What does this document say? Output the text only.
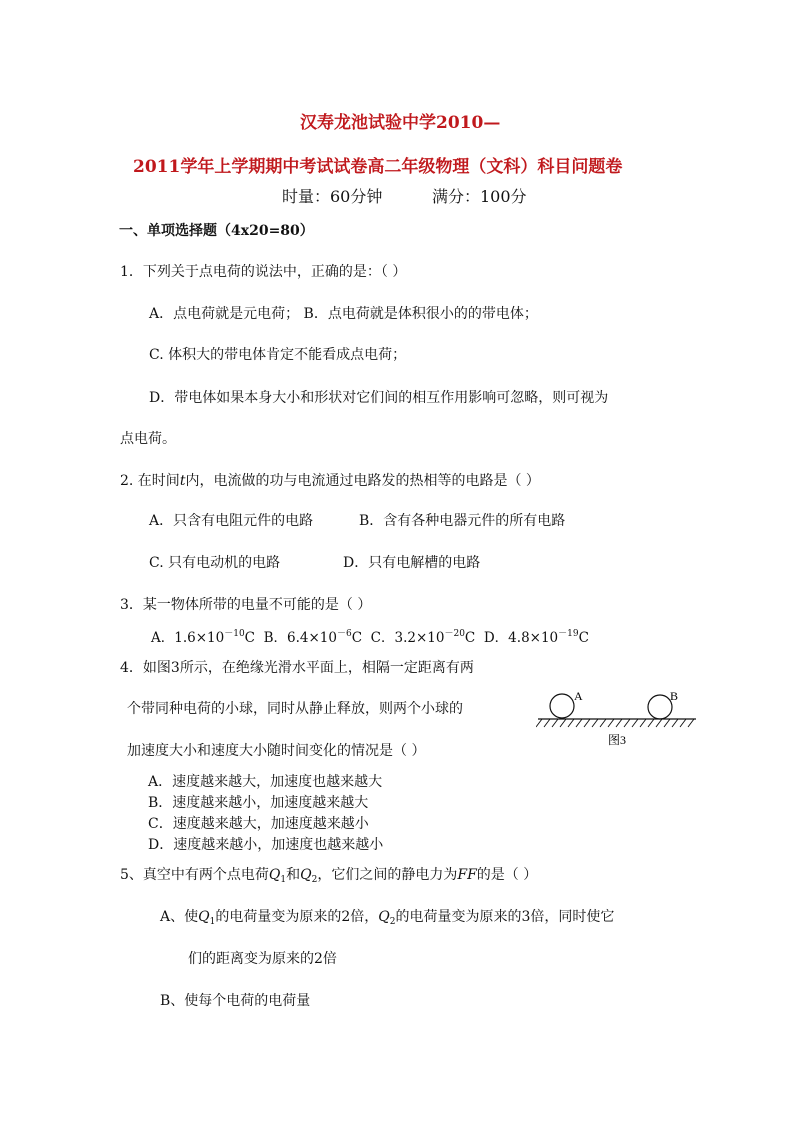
汉寿龙池试验中学2010—
2011学年上学期期中考试试卷高二年级物理（文科）科目问题卷
时量：60分钟	满分：100分
一、单项选择题（4x20=80）
1．下列关于点电荷的说法中，正确的是：（ ）
A．点电荷就是元电荷； B．点电荷就是体积很小的的带电体；
C. 体积大的带电体肯定不能看成点电荷；
D．带电体如果本身大小和形状对它们间的相互作用影响可忽略，则可视为
点电荷。
2. 在时间t内，电流做的功与电流通过电路发的热相等的电路是（ ）
A．只含有电阻元件的电路	B．含有各种电器元件的所有电路
C. 只有电动机的电路	D．只有电解槽的电路
3．某一物体所带的电量不可能的是（ ）
A．$1.6\times 10^{-10}C$ B．$6.4\times 10^{-6}C$ C．$3.2\times 10^{-20}C$ D．$4.8\times 10^{-19}C$
4．如图3所示，在绝缘光滑水平面上，相隔一定距离有两
个带同种电荷的小球，同时从静止释放，则两个小球的
加速度大小和速度大小随时间变化的情况是（ ）
A．速度越来越大，加速度也越来越大
B．速度越来越小，加速度越来越大
C．速度越来越大，加速度越来越小
D．速度越来越小，加速度也越来越小
A	B
图3
5、真空中有两个点电荷$Q_1$和$Q_2$，它们之间的静电力为FF的是（ ）
A、使$Q_1$的电荷量变为原来的2倍，$Q_2$的电荷量变为原来的3倍，同时使它
们的距离变为原来的2倍
B、使每个电荷的电荷量
